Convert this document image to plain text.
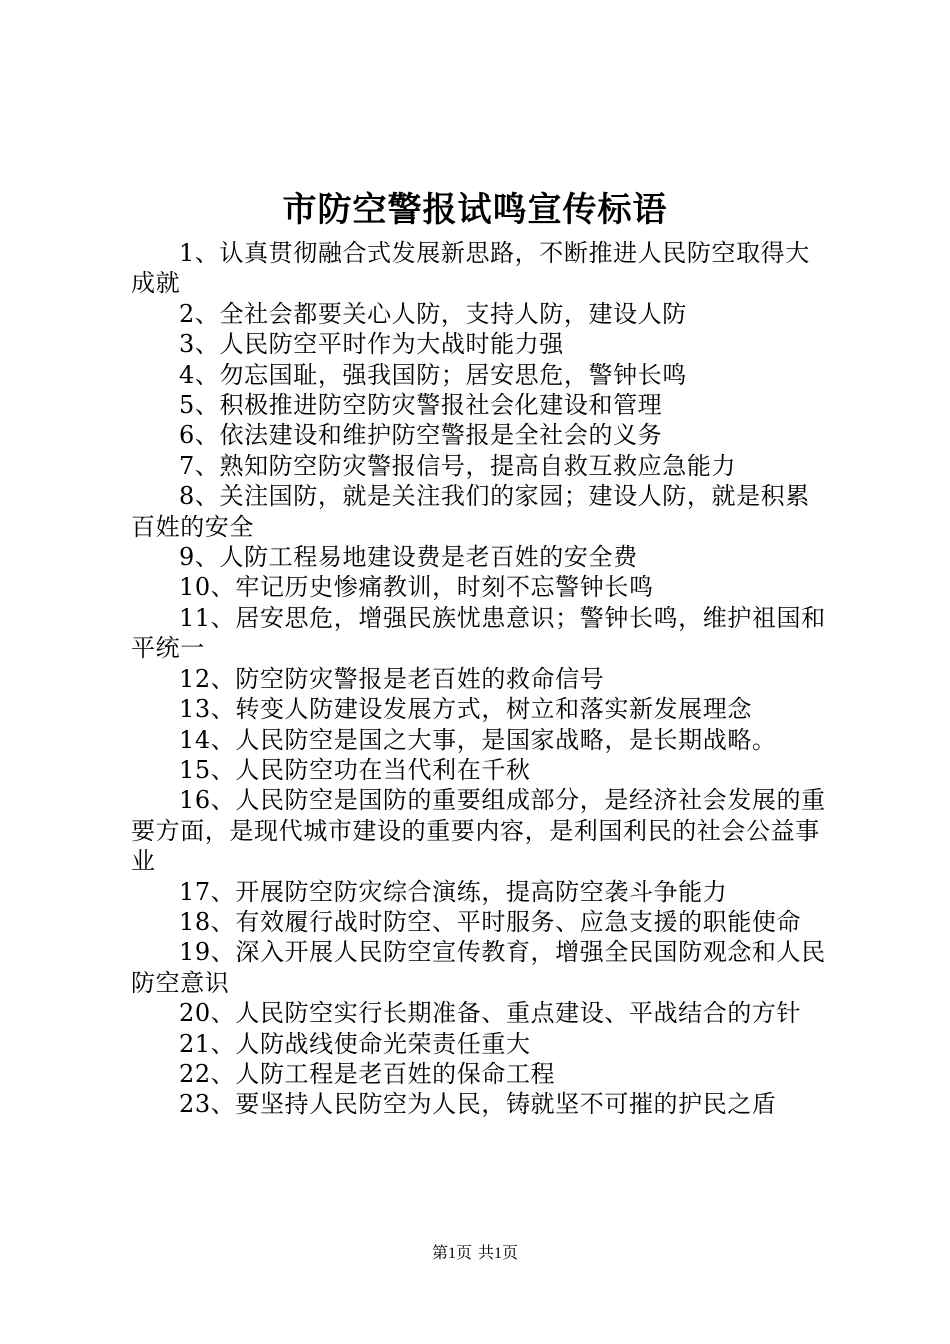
市防空警报试鸣宣传标语

1、认真贯彻融合式发展新思路，不断推进人民防空取得大成就

2、全社会都要关心人防，支持人防，建设人防

3、人民防空平时作为大战时能力强

4、勿忘国耻，强我国防；居安思危，警钟长鸣

5、积极推进防空防灾警报社会化建设和管理

6、依法建设和维护防空警报是全社会的义务

7、熟知防空防灾警报信号，提高自救互救应急能力

8、关注国防，就是关注我们的家园；建设人防，就是积累百姓的安全

9、人防工程易地建设费是老百姓的安全费

10、牢记历史惨痛教训，时刻不忘警钟长鸣

11、居安思危，增强民族忧患意识；警钟长鸣，维护祖国和平统一

12、防空防灾警报是老百姓的救命信号

13、转变人防建设发展方式，树立和落实新发展理念

14、人民防空是国之大事，是国家战略，是长期战略。

15、人民防空功在当代利在千秋

16、人民防空是国防的重要组成部分，是经济社会发展的重要方面，是现代城市建设的重要内容，是利国利民的社会公益事业

17、开展防空防灾综合演练，提高防空袭斗争能力

18、有效履行战时防空、平时服务、应急支援的职能使命

19、深入开展人民防空宣传教育，增强全民国防观念和人民防空意识

20、人民防空实行长期准备、重点建设、平战结合的方针

21、人防战线使命光荣责任重大

22、人防工程是老百姓的保命工程

23、要坚持人民防空为人民，铸就坚不可摧的护民之盾

第1页 共1页
